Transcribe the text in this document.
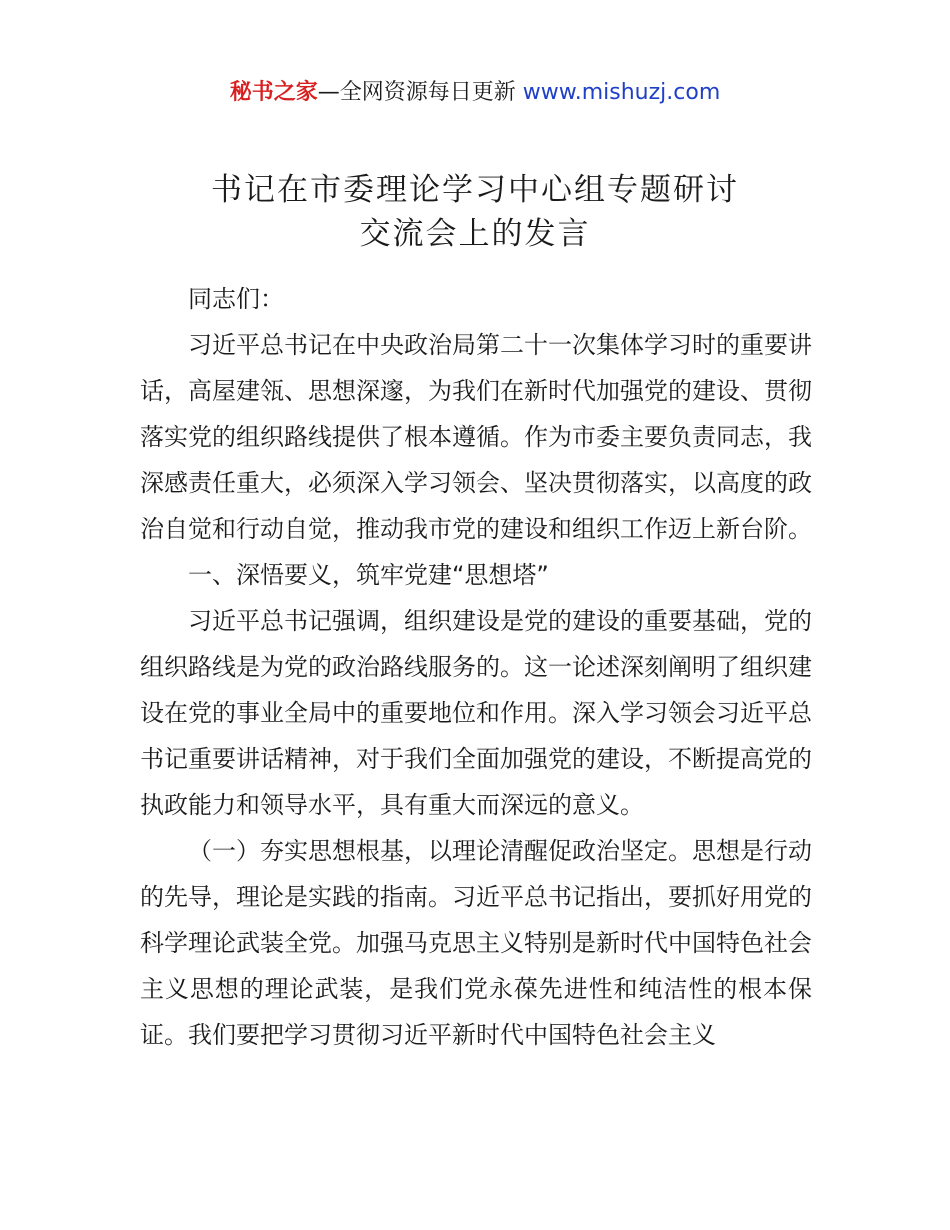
秘书之家—全网资源每日更新 www.mishuzj.com
书记在市委理论学习中心组专题研讨
交流会上的发言

同志们：

习近平总书记在中央政治局第二十一次集体学习时的重要讲话，高屋建瓴、思想深邃，为我们在新时代加强党的建设、贯彻落实党的组织路线提供了根本遵循。作为市委主要负责同志，我深感责任重大，必须深入学习领会、坚决贯彻落实，以高度的政治自觉和行动自觉，推动我市党的建设和组织工作迈上新台阶。

一、深悟要义，筑牢党建“思想塔”

习近平总书记强调，组织建设是党的建设的重要基础，党的组织路线是为党的政治路线服务的。这一论述深刻阐明了组织建设在党的事业全局中的重要地位和作用。深入学习领会习近平总书记重要讲话精神，对于我们全面加强党的建设，不断提高党的执政能力和领导水平，具有重大而深远的意义。

（一）夯实思想根基，以理论清醒促政治坚定。思想是行动的先导，理论是实践的指南。习近平总书记指出，要抓好用党的科学理论武装全党。加强马克思主义特别是新时代中国特色社会主义思想的理论武装，是我们党永葆先进性和纯洁性的根本保证。我们要把学习贯彻习近平新时代中国特色社会主义
